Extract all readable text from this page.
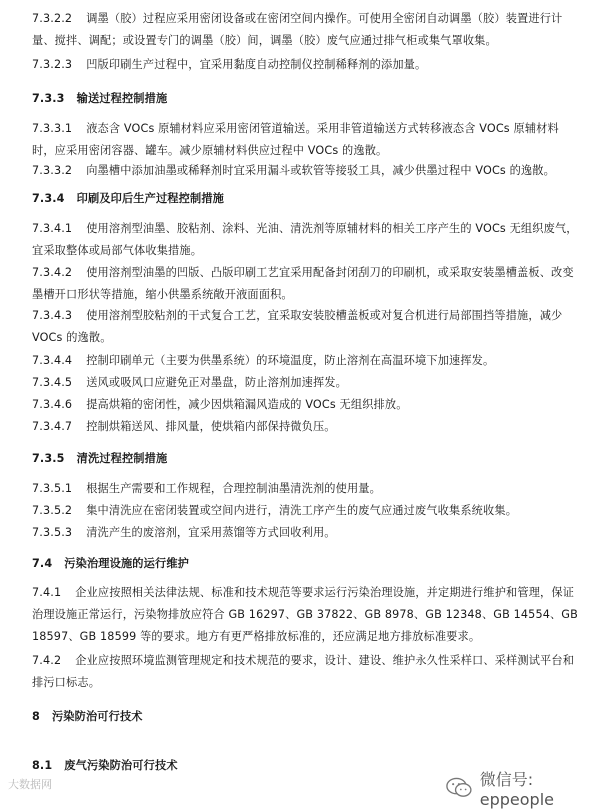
7.3.2.2 调墨（胶）过程应采用密闭设备或在密闭空间内操作。可使用全密闭自动调墨（胶）装置进行计量、搅拌、调配；或设置专门的调墨（胶）间，调墨（胶）废气应通过排气柜或集气罩收集。
7.3.2.3 凹版印刷生产过程中，宜采用黏度自动控制仪控制稀释剂的添加量。
7.3.3 输送过程控制措施
7.3.3.1 液态含 VOCs 原辅材料应采用密闭管道输送。采用非管道输送方式转移液态含 VOCs 原辅材料时，应采用密闭容器、罐车。减少原辅材料供应过程中 VOCs 的逸散。
7.3.3.2 向墨槽中添加油墨或稀释剂时宜采用漏斗或软管等接驳工具，减少供墨过程中 VOCs 的逸散。
7.3.4 印刷及印后生产过程控制措施
7.3.4.1 使用溶剂型油墨、胶粘剂、涂料、光油、清洗剂等原辅材料的相关工序产生的 VOCs 无组织废气，宜采取整体或局部气体收集措施。
7.3.4.2 使用溶剂型油墨的凹版、凸版印刷工艺宜采用配备封闭刮刀的印刷机，或采取安装墨槽盖板、改变墨槽开口形状等措施，缩小供墨系统敞开液面面积。
7.3.4.3 使用溶剂型胶粘剂的干式复合工艺，宜采取安装胶槽盖板或对复合机进行局部围挡等措施，减少 VOCs 的逸散。
7.3.4.4 控制印刷单元（主要为供墨系统）的环境温度，防止溶剂在高温环境下加速挥发。
7.3.4.5 送风或吸风口应避免正对墨盘，防止溶剂加速挥发。
7.3.4.6 提高烘箱的密闭性，减少因烘箱漏风造成的 VOCs 无组织排放。
7.3.4.7 控制烘箱送风、排风量，使烘箱内部保持微负压。
7.3.5 清洗过程控制措施
7.3.5.1 根据生产需要和工作规程，合理控制油墨清洗剂的使用量。
7.3.5.2 集中清洗应在密闭装置或空间内进行，清洗工序产生的废气应通过废气收集系统收集。
7.3.5.3 清洗产生的废溶剂，宜采用蒸馏等方式回收利用。
7.4 污染治理设施的运行维护
7.4.1 企业应按照相关法律法规、标准和技术规范等要求运行污染治理设施，并定期进行维护和管理，保证治理设施正常运行，污染物排放应符合 GB 16297、GB 37822、GB 8978、GB 12348、GB 14554、GB 18597、GB 18599 等的要求。地方有更严格排放标准的，还应满足地方排放标准要求。
7.4.2 企业应按照环境监测管理规定和技术规范的要求，设计、建设、维护永久性采样口、采样测试平台和排污口标志。
8 污染防治可行技术
8.1 废气污染防治可行技术
大数据网	微信号: eppeople
